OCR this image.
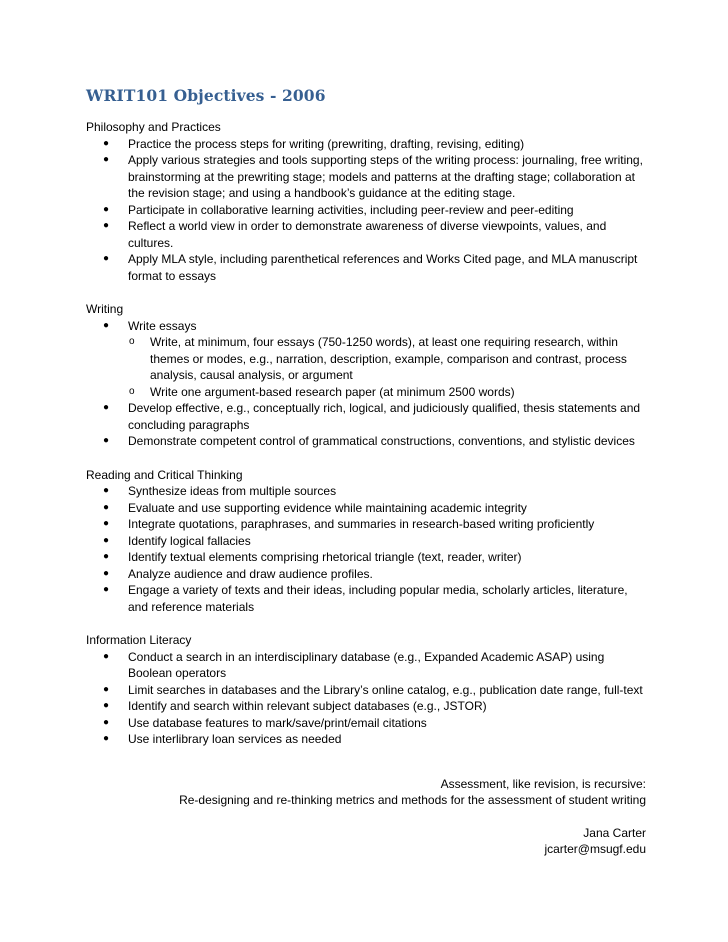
WRIT101 Objectives - 2006
Philosophy and Practices
● Practice the process steps for writing (prewriting, drafting, revising, editing)
● Apply various strategies and tools supporting steps of the writing process: journaling, free writing, brainstorming at the prewriting stage; models and patterns at the drafting stage; collaboration at the revision stage; and using a handbook’s guidance at the editing stage.
● Participate in collaborative learning activities, including peer-review and peer-editing
● Reflect a world view in order to demonstrate awareness of diverse viewpoints, values, and cultures.
● Apply MLA style, including parenthetical references and Works Cited page, and MLA manuscript format to essays
Writing
● Write essays
o Write, at minimum, four essays (750-1250 words), at least one requiring research, within themes or modes, e.g., narration, description, example, comparison and contrast, process analysis, causal analysis, or argument
o Write one argument-based research paper (at minimum 2500 words)
● Develop effective, e.g., conceptually rich, logical, and judiciously qualified, thesis statements and concluding paragraphs
● Demonstrate competent control of grammatical constructions, conventions, and stylistic devices
Reading and Critical Thinking
● Synthesize ideas from multiple sources
● Evaluate and use supporting evidence while maintaining academic integrity
● Integrate quotations, paraphrases, and summaries in research-based writing proficiently
● Identify logical fallacies
● Identify textual elements comprising rhetorical triangle (text, reader, writer)
● Analyze audience and draw audience profiles.
● Engage a variety of texts and their ideas, including popular media, scholarly articles, literature, and reference materials
Information Literacy
● Conduct a search in an interdisciplinary database (e.g., Expanded Academic ASAP) using Boolean operators
● Limit searches in databases and the Library’s online catalog, e.g., publication date range, full-text
● Identify and search within relevant subject databases (e.g., JSTOR)
● Use database features to mark/save/print/email citations
● Use interlibrary loan services as needed

Assessment, like revision, is recursive:

Re-designing and re-thinking metrics and methods for the assessment of student writing

Jana Carter

jcarter@msugf.edu
